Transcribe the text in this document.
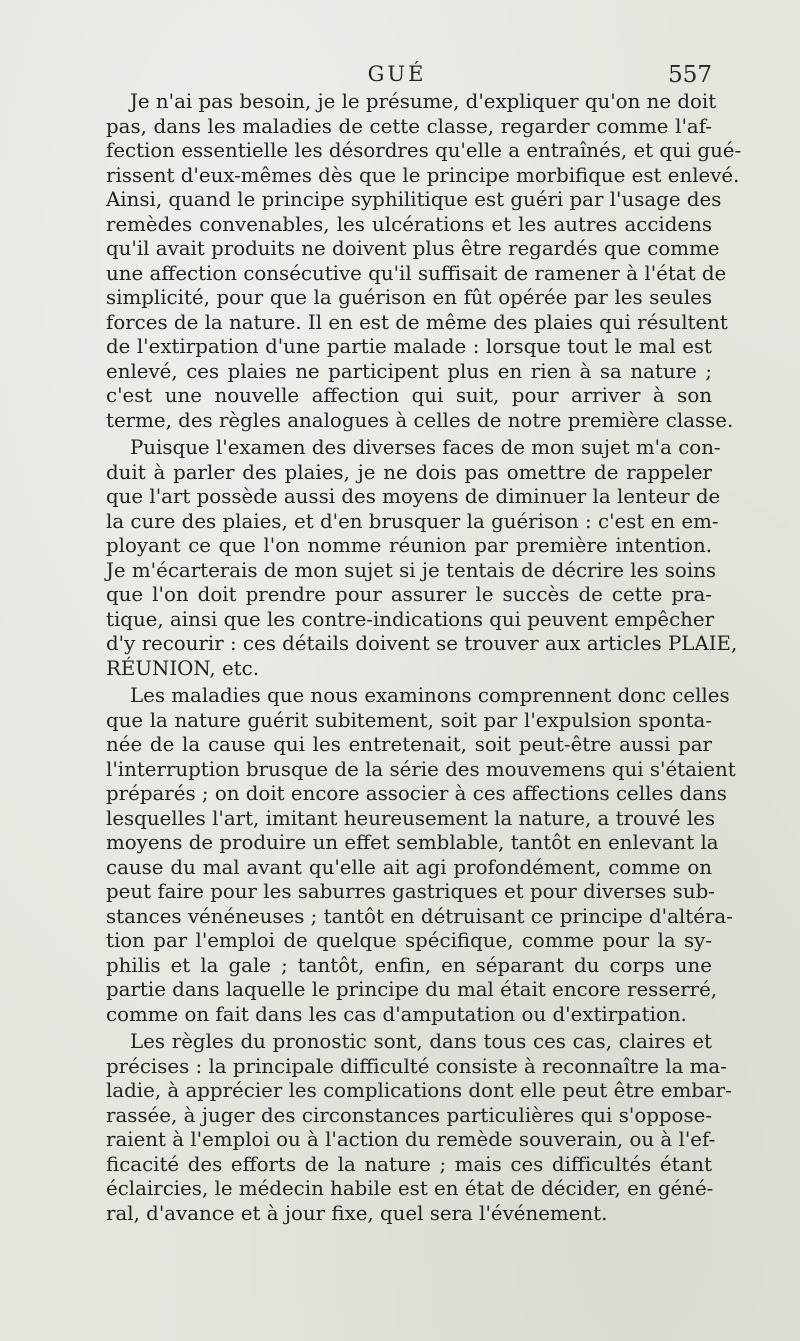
GUÉ	557

Je n'ai pas besoin, je le présume, d'expliquer qu'on ne doit
pas, dans les maladies de cette classe, regarder comme l'af-
fection essentielle les désordres qu'elle a entraînés, et qui gué-
rissent d'eux-mêmes dès que le principe morbifique est enlevé.
Ainsi, quand le principe syphilitique est guéri par l'usage des
remèdes convenables, les ulcérations et les autres accidens
qu'il avait produits ne doivent plus être regardés que comme
une affection consécutive qu'il suffisait de ramener à l'état de
simplicité, pour que la guérison en fût opérée par les seules
forces de la nature. Il en est de même des plaies qui résultent
de l'extirpation d'une partie malade : lorsque tout le mal est
enlevé, ces plaies ne participent plus en rien à sa nature ;
c'est une nouvelle affection qui suit, pour arriver à son
terme, des règles analogues à celles de notre première classe.

Puisque l'examen des diverses faces de mon sujet m'a con-
duit à parler des plaies, je ne dois pas omettre de rappeler
que l'art possède aussi des moyens de diminuer la lenteur de
la cure des plaies, et d'en brusquer la guérison : c'est en em-
ployant ce que l'on nomme réunion par première intention.
Je m'écarterais de mon sujet si je tentais de décrire les soins
que l'on doit prendre pour assurer le succès de cette pra-
tique, ainsi que les contre-indications qui peuvent empêcher
d'y recourir : ces détails doivent se trouver aux articles PLAIE,
RÉUNION, etc.

Les maladies que nous examinons comprennent donc celles
que la nature guérit subitement, soit par l'expulsion sponta-
née de la cause qui les entretenait, soit peut-être aussi par
l'interruption brusque de la série des mouvemens qui s'étaient
préparés ; on doit encore associer à ces affections celles dans
lesquelles l'art, imitant heureusement la nature, a trouvé les
moyens de produire un effet semblable, tantôt en enlevant la
cause du mal avant qu'elle ait agi profondément, comme on
peut faire pour les saburres gastriques et pour diverses sub-
stances vénéneuses ; tantôt en détruisant ce principe d'altéra-
tion par l'emploi de quelque spécifique, comme pour la sy-
philis et la gale ; tantôt, enfin, en séparant du corps une
partie dans laquelle le principe du mal était encore resserré,
comme on fait dans les cas d'amputation ou d'extirpation.

Les règles du pronostic sont, dans tous ces cas, claires et
précises : la principale difficulté consiste à reconnaître la ma-
ladie, à apprécier les complications dont elle peut être embar-
rassée, à juger des circonstances particulières qui s'oppose-
raient à l'emploi ou à l'action du remède souverain, ou à l'ef-
ficacité des efforts de la nature ; mais ces difficultés étant
éclaircies, le médecin habile est en état de décider, en géné-
ral, d'avance et à jour fixe, quel sera l'événement.
